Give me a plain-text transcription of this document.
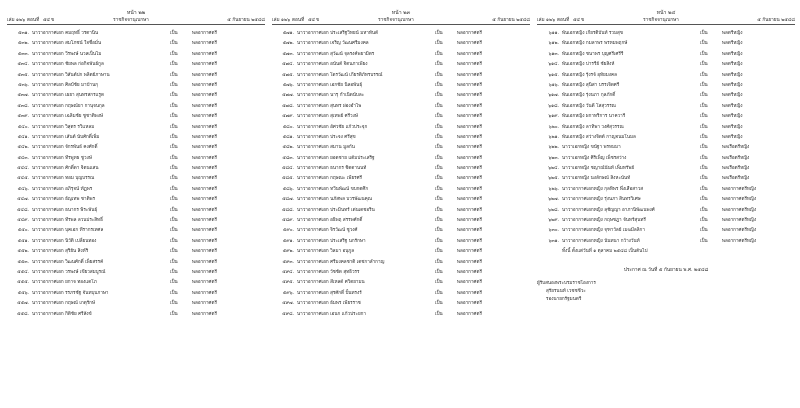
หน้า ๒๒
เล่ม ๑๒๖ ตอนที่ ๕๔ ข	ราชกิจจานุเบกษา	๕ กันยายน ๒๕๔๘
๕๓๑. นาวาอากาศเอก คมฤทธิ์ วรตานิน	เป็น	พลอากาศตรี
๕๓๒. นาวาอากาศเอก สมโภชน์ ใจชื่อมั่น	เป็น	พลอากาศตรี
๕๓๓. นาวาอากาศเอก วีรพงษ์ นวลเป็นไม	เป็น	พลอากาศตรี
๕๓๔. นาวาอากาศเอก ชัยพล ก่อกิจพันธ์กูล	เป็น	พลอากาศตรี
๕๓๕. นาวาอากาศเอก วิสันต์ปก พลิตย์ภาษาน	เป็น	พลอากาศตรี
๕๓๖. นาวาอากาศเอก ศิลป์ชัย มาบ้านกุ	เป็น	พลอากาศตรี
๕๓๗. นาวาอากาศเอก เผยา สุนทรสกรแรูด	เป็น	พลอากาศตรี
๕๓๘. นาวาอากาศเอก กฤษณ์ยา กานุจนกุล	เป็น	พลอากาศตรี
๕๓๙. นาวาอากาศเอก เฉลิมชัย ชูชาติพงษ์	เป็น	พลอากาศตรี
๕๔๐. นาวาอากาศเอก วิสุตร รวิแหลม	เป็น	พลอากาศตรี
๕๔๑. นาวาอากาศเอก เส้นต์ นับศักดิ์เพิ่ม	เป็น	พลอากาศตรี
๕๔๒. นาวาอากาศเอก จักรพันธ์ คงศักดิ์	เป็น	พลอากาศตรี
๕๔๓. นาวาอากาศเอก ทีรพูทธ ชูวงษ์	เป็น	พลอากาศตรี
๕๔๔. นาวาอากาศเอก ศักดิ์ดา จิตนแสน	เป็น	พลอากาศตรี
๕๔๕. นาวาอากาศเอก ทอม บุญบรรณ	เป็น	พลอากาศตรี
๕๔๖. นาวาอากาศเอก อภิรุจน์ ทัฏพร	เป็น	พลอากาศตรี
๕๔๗. นาวาอากาศเอก ธัญเทพ ชาติพร	เป็น	พลอากาศตรี
๕๔๘. นาวาอากาศเอก ธนากร พิระพันธุ์	เป็น	พลอากาศตรี
๕๔๙. นาวาอากาศเอก ทีรพล ลวนประสิทธิ์	เป็น	พลอากาศตรี
๕๕๐. นาวาอากาศเอก บุคเอก ทีรากรเทศล	เป็น	พลอากาศตรี
๕๕๑. นาวาอากาศเอก นิวัติ เปลี่ยนทอง	เป็น	พลอากาศตรี
๕๕๒. นาวาอากาศเอก สุริยัน สิงห์ริ	เป็น	พลอากาศตรี
๕๕๓. นาวาอากาศเอก วิฒนศักดิ์ เพ็ยสรรค์	เป็น	พลอากาศตรี
๕๕๔. นาวาอากาศเอก วรพงษ์ เขียวสมบูรณ์	เป็น	พลอากาศตรี
๕๕๕. นาวาอากาศเอก ยกาจ ทองแดโภ	เป็น	พลอากาศตรี
๕๕๖. นาวาอากาศเอก รรภรชัฐ จันทบุบภาษา	เป็น	พลอากาศตรี
๕๕๗. นาวาอากาศเอก กฤษณ์ เกตุรักษ์	เป็น	พลอากาศตรี
๕๕๘. นาวาอากาศเอก กิติชัย ศรีสังข์	เป็น	พลอากาศตรี
หน้า ๒๓
เล่ม ๑๒๖ ตอนที่ ๕๔ ข	ราชกิจจานุเบกษา	๕ กันยายน ๒๕๔๘
๕๗๑. นาวาอากาศเอก ประเสริฐวิทยน์ มหาทันต์	เป็น	พลอากาศตรี
๕๗๒. นาวาอากาศเอก เจริญ วัฒนศรีมงคล	เป็น	พลอากาศตรี
๕๗๓. นาวาอากาศเอก สุวัฒน์ จุลรงค์พยามิตร	เป็น	พลอากาศตรี
๕๗๔. นาวาอากาศเอก อนันต์ จิตนภาเพียง	เป็น	พลอากาศตรี
๕๗๕. นาวาอากาศเอก โดรวัฒน์ เกียรติภัทรบรรณ์	เป็น	พลอากาศตรี
๕๗๖. นาวาอากาศเอก เอกชัย นิลอพันธุ์	เป็น	พลอากาศตรี
๕๗๗. นาวาอากาศเอก นารุ กำเนิดนับละ	เป็น	พลอากาศตรี
๕๗๘. นาวาอากาศเอก สุนทร ผ่องอำไพ	เป็น	พลอากาศตรี
๕๗๙. นาวาอากาศเอก สุเทพย์ ศรีวงษ์	เป็น	พลอากาศตรี
๕๘๐. นาวาอากาศเอก อัศวชัย แก้วประจุก	เป็น	พลอากาศตรี
๕๘๑. นาวาอากาศเอก ประจง ศรีสุข	เป็น	พลอากาศตรี
๕๘๒. นาวาอากาศเอก สมาน มูลกัน	เป็น	พลอากาศตรี
๕๘๓. นาวาอากาศเอก ยอดชาย แต้มประเสริฐ	เป็น	พลอากาศตรี
๕๘๔. นาวาอากาศเอก ธนากร ชิดดานนท์	เป็น	พลอากาศตรี
๕๘๕. นาวาอากาศเอก กฤษณะ เพียรศรี	เป็น	พลอากาศตรี
๕๘๖. นาวาอากาศเอก ทวีนพัฒน์ ขบกตศึก	เป็น	พลอากาศตรี
๕๘๗. นาวาอากาศเอก นภัสพล บวรพัฒนคุณ	เป็น	พลอากาศตรี
๕๘๘. นาวาอากาศเอก ประมินทร์ เด่นเดชอริน	เป็น	พลอากาศตรี
๕๘๙. นาวาอากาศเอก อธิพฤ สรรพศักดิ์	เป็น	พลอากาศตรี
๕๙๐. นาวาอากาศเอก จิรวัฒน์ ชูวงศ์	เป็น	พลอากาศตรี
๕๙๑. นาวาอากาศเอก ประเสริฐ นกรักษา	เป็น	พลอากาศตรี
๕๙๒. นาวาอากาศเอก วิลมา อนุกูล	เป็น	พลอากาศตรี
๕๙๓. นาวาอากาศเอก ศรีมงคลชาติ เดชกาลำกาญ	เป็น	พลอากาศตรี
๕๙๔. นาวาอากาศเอก วัชชัด สุทธิวรร	เป็น	พลอากาศตรี
๕๙๕. นาวาอากาศเอก สีเหลด์ ศวิตยามน	เป็น	พลอากาศตรี
๕๙๖. นาวาอากาศเอก สุรศักดิ์ ปั้นทรงร์	เป็น	พลอากาศตรี
๕๙๗. นาวาอากาศเอก ธัมพร เพียรราช	เป็น	พลอากาศตรี
๕๙๘. นาวาอากาศเอก เอนก แก้วประยกา	เป็น	พลอากาศตรี
หน้า ๒๔
เล่ม ๑๒๖ ตอนที่ ๕๔ ข	ราชกิจจานุเบกษา	๕ กันยายน ๒๕๔๘
๖๑๑. พันเอกหญิง เกียรติบันท์ รวมสุข	เป็น	พลตรีหญิง
๖๑๒. พันเอกหญิง กมลาพร พรหมพฤกษ์	เป็น	พลตรีหญิง
๖๑๓. พันเอกหญิง ชนาพร บุญศรีเศรีรี	เป็น	พลตรีหญิง
๖๑๔. พันเอกหญิง ปารรีย์ ชัยสิงห์	เป็น	พลตรีหญิง
๖๑๕. พันเอกหญิง รุ้งรจ์ อุทัยมงคล	เป็น	พลตรีหญิง
๖๑๖. พันเอกหญิง สุนิสา บรรเจิดศรี	เป็น	พลตรีหญิง
๖๑๗. พันเอกหญิง รุ่งนภา กุลภักดิ์	เป็น	พลตรีหญิง
๖๑๘. พันเอกหญิง วันดี โสสุวรรณ	เป็น	พลตรีหญิง
๖๑๙. พันเอกหญิง ผกาทริการ นาควารี	เป็น	พลตรีหญิง
๖๒๐. พันเอกหญิง ลาทิพา วงศ์สุวรรณ	เป็น	พลตรีหญิง
๖๒๑. พันเอกหญิง สว่างจิตต์ กาญจนมโนมล	เป็น	พลตรีหญิง
๖๒๒. นาวาเอกหญิง ขนัฐา พรหมมา	เป็น	พลเรือตรีหญิง
๖๒๓. นาวาเอกหญิง ศิริเพ็ญ เพ็ชรสว่าง	เป็น	พลเรือตรีหญิง
๖๒๔. นาวาเอกหญิง ชญาณ์นันท์ เพ็มทรัพย์	เป็น	พลเรือตรีหญิง
๖๒๕. นาวาเอกหญิง นงลักษณ์ สิงหะนันท์	เป็น	พลเรือตรีหญิง
๖๒๖. นาวาอากาศเอกหญิง กุลทิพร พึ่งเสือสาวส	เป็น	พลอากาศตรีหญิง
๖๒๗. นาวาอากาศเอกหญิง รุ่งนภา สินทรวิเศษ	เป็น	พลอากาศตรีหญิง
๖๒๘. นาวาอากาศเอกหญิง ลุชัญญา อาภานิพัฒนพงศ์	เป็น	พลอากาศตรีหญิง
๖๒๙. นาวาอากาศเอกหญิง กฤษชฎา จันทร์สุนทรี	เป็น	พลอากาศตรีหญิง
๖๓๐. นาวาอากาศเอกหญิง จุฑาวัลย์ เมฆมีลลิกา	เป็น	พลอากาศตรีหญิง
๖๓๑. นาวาอากาศเอกหญิง นันทนา กว้างวันท์	เป็น	พลอากาศตรีหญิง
ทั้งนี้ ตั้งแต่วันที่ ๑ ตุลาคม ๒๕๔๘ เป็นต้นไป
ประกาศ ณ วันที่ ๕ กันยายน พ.ศ. ๒๕๔๘
ผู้รับสนองพระบรมราชโองการ
สุรัยรนนท์ เวชชชีวะ
รองนายกรัฐมนตรี
